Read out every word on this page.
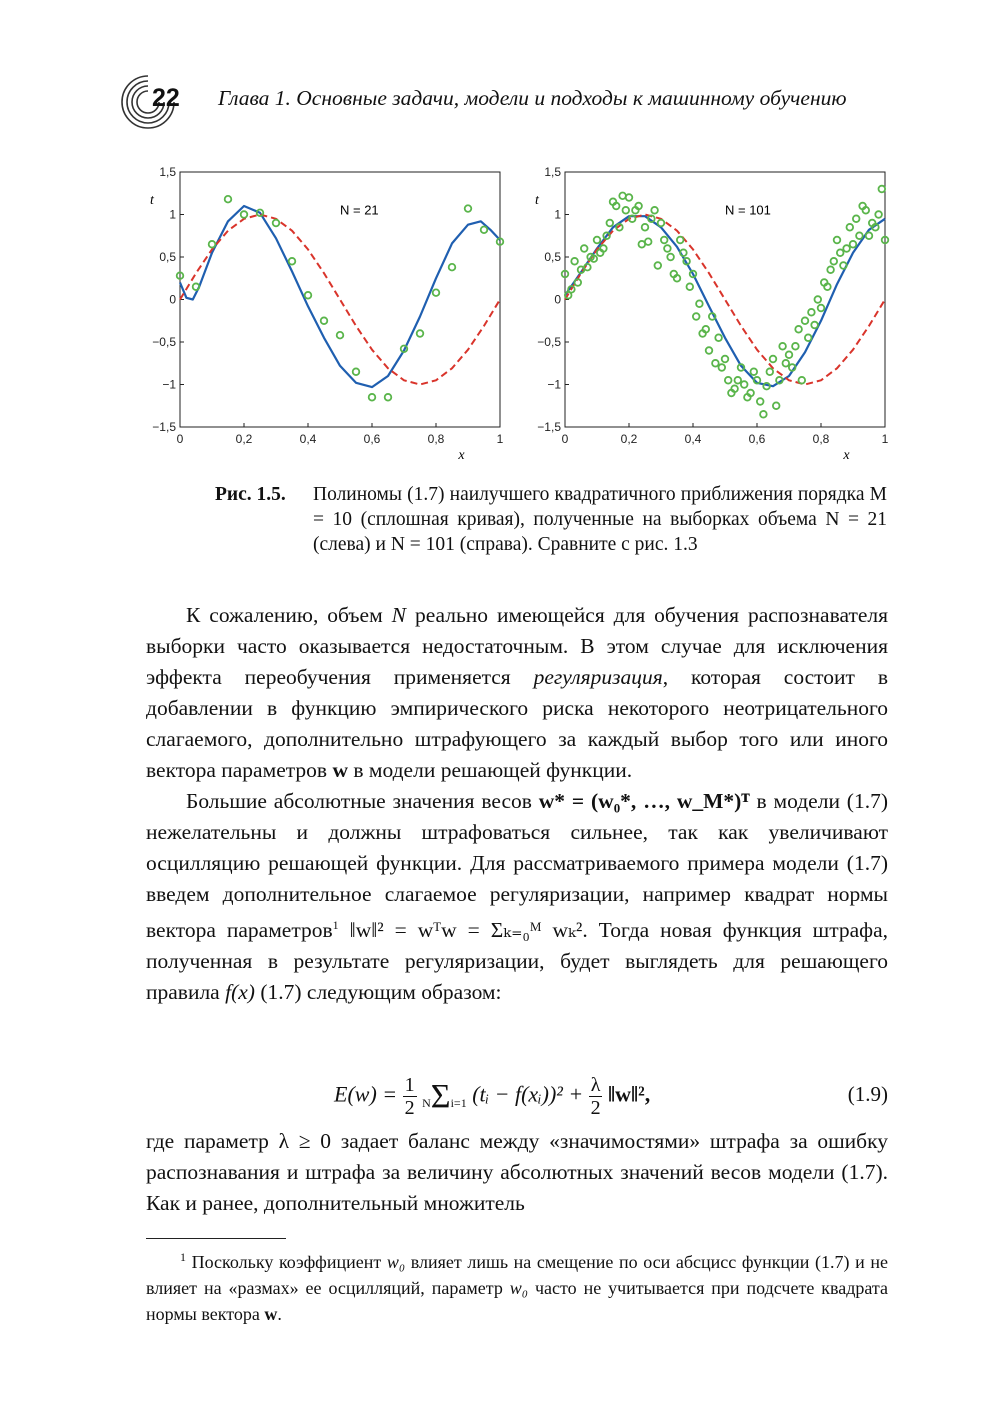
22 Глава 1. Основные задачи, модели и подходы к машинному обучению
1,5
1
0,5
0
−0,5
−1
−1,5
0	0,2	0,4	0,6	0,8	1
x
t
N = 21
1,5
1
0,5
0
−0,5
−1
−1,5
0	0,2	0,4	0,6	0,8	1
x
t
N = 101
Рис. 1.5. Полиномы (1.7) наилучшего квадратичного приближения порядка M = 10 (сплошная кривая), полученные на выборках объема N = 21 (слева) и N = 101 (справа). Сравните с рис. 1.3

К сожалению, объем N реально имеющейся для обучения распознавателя выборки часто оказывается недостаточным. В этом случае для исключения эффекта переобучения применяется регуляризация, которая состоит в добавлении в функцию эмпирического риска некоторого неотрицательного слагаемого, дополнительно штрафующего за каждый выбор того или иного вектора параметров w в модели решающей функции.

Большие абсолютные значения весов w* = (w₀*, …, w_M*)ᵀ в модели (1.7) нежелательны и должны штрафоваться сильнее, так как увеличивают осцилляцию решающей функции. Для рассматриваемого примера модели (1.7) введем дополнительное слагаемое регуляризации, например квадрат нормы вектора параметров$^1$ ‖w‖² = wᵀw = Σₖ₌₀ᴹ wₖ². Тогда новая функция штрафа, полученная в результате регуляризации, будет выглядеть для решающего правила f(x) (1.7) следующим образом:

$E(w) = \frac{1}{2} N\Sigma i=1$ (tᵢ − f(xᵢ))² + $\frac{\lambda}{2}$ ‖w‖²,	(1.9)

где параметр λ ≥ 0 задает баланс между «значимостями» штрафа за ошибку распознавания и штрафа за величину абсолютных значений весов модели (1.7). Как и ранее, дополнительный множитель

$^1$ Поскольку коэффициент w₀ влияет лишь на смещение по оси абсцисс функции (1.7) и не влияет на «размах» ее осцилляций, параметр w₀ часто не учитывается при подсчете квадрата нормы вектора w.
